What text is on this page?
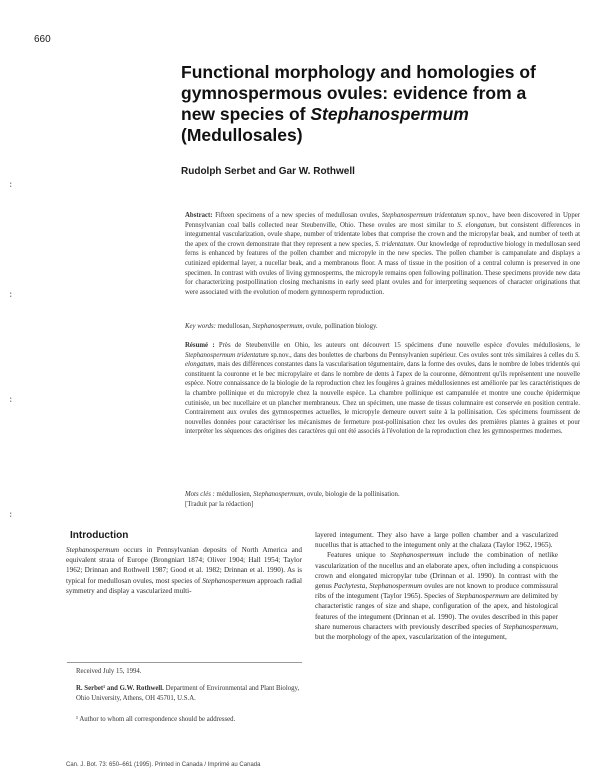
660
Functional morphology and homologies of
gymnospermous ovules: evidence from a
new species of Stephanospermum
(Medullosales)
Rudolph Serbet and Gar W. Rothwell
Abstract: Fifteen specimens of a new species of medullosan ovules, Stephanospermum tridentatum sp.nov., have been discovered in Upper Pennsylvanian coal balls collected near Steubenville, Ohio. These ovules are most similar to S. elongatum, but consistent differences in integumental vascularization, ovule shape, number of tridentate lobes that comprise the crown and the micropylar beak, and number of teeth at the apex of the crown demonstrate that they represent a new species, S. tridentatum. Our knowledge of reproductive biology in medullosan seed ferns is enhanced by features of the pollen chamber and micropyle in the new species. The pollen chamber is campanulate and displays a cutinized epidermal layer, a nucellar beak, and a membranous floor. A mass of tissue in the position of a central column is preserved in one specimen. In contrast with ovules of living gymnosperms, the micropyle remains open following pollination. These specimens provide new data for characterizing postpollination closing mechanisms in early seed plant ovules and for interpreting sequences of character originations that were associated with the evolution of modern gymnosperm reproduction.
Key words: medullosan, Stephanospermum, ovule, pollination biology.
Résumé : Près de Steubenville en Ohio, les auteurs ont découvert 15 spécimens d'une nouvelle espèce d'ovules médullosiens, le Stephanospermum tridentatum sp.nov., dans des boulettes de charbons du Pennsylvanien supérieur. Ces ovules sont très similaires à celles du S. elongatum, mais des différences constantes dans la vascularisation tégumentaire, dans la forme des ovules, dans le nombre de lobes tridentés qui constituent la couronne et le bec micropylaire et dans le nombre de dents à l'apex de la couronne, démontrent qu'ils représentent une nouvelle espèce. Notre connaissance de la biologie de la reproduction chez les fougères à graines médullosiennes est améliorée par les caractéristiques de la chambre pollinique et du micropyle chez la nouvelle espèce. La chambre pollinique est campanulée et montre une couche épidermique cutinisée, un bec nucellaire et un plancher membraneux. Chez un spécimen, une masse de tissus columnaire est conservée en position centrale. Contrairement aux ovules des gymnospermes actuelles, le micropyle demeure ouvert suite à la pollinisation. Ces spécimens fournissent de nouvelles données pour caractériser les mécanismes de fermeture post-pollinisation chez les ovules des premières plantes à graines et pour interpréter les séquences des origines des caractères qui ont été associés à l'évolution de la reproduction chez les gymnospermes modernes.
Mots clés : médullosien, Stephanospermum, ovule, biologie de la pollinisation.
[Traduit par la rédaction]
Introduction
Stephanospermum occurs in Pennsylvanian deposits of North America and equivalent strata of Europe (Brongniart 1874; Oliver 1904; Hall 1954; Taylor 1962; Drinnan and Rothwell 1987; Good et al. 1982; Drinnan et al. 1990). As is typical for medullosan ovules, most species of Stephanospermum approach radial symmetry and display a vascularized multi-
layered integument. They also have a large pollen chamber and a vascularized nucellus that is attached to the integument only at the chalaza (Taylor 1962, 1965).
Features unique to Stephanospermum include the combination of netlike vascularization of the nucellus and an elaborate apex, often including a conspicuous crown and elongated micropylar tube (Drinnan et al. 1990). In contrast with the genus Pachytesta, Stephanospermum ovules are not known to produce commissural ribs of the integument (Taylor 1965). Species of Stephanospermum are delimited by characteristic ranges of size and shape, configuration of the apex, and histological features of the integument (Drinnan et al. 1990). The ovules described in this paper share numerous characters with previously described species of Stephanospermum, but the morphology of the apex, vascularization of the integument,
Received July 15, 1994.
R. Serbet¹ and G.W. Rothwell. Department of Environmental and Plant Biology, Ohio University, Athens, OH 45701, U.S.A.
¹ Author to whom all correspondence should be addressed.
Can. J. Bot. 73: 650–661 (1995). Printed in Canada / Imprimé au Canada
:
:
:
:
